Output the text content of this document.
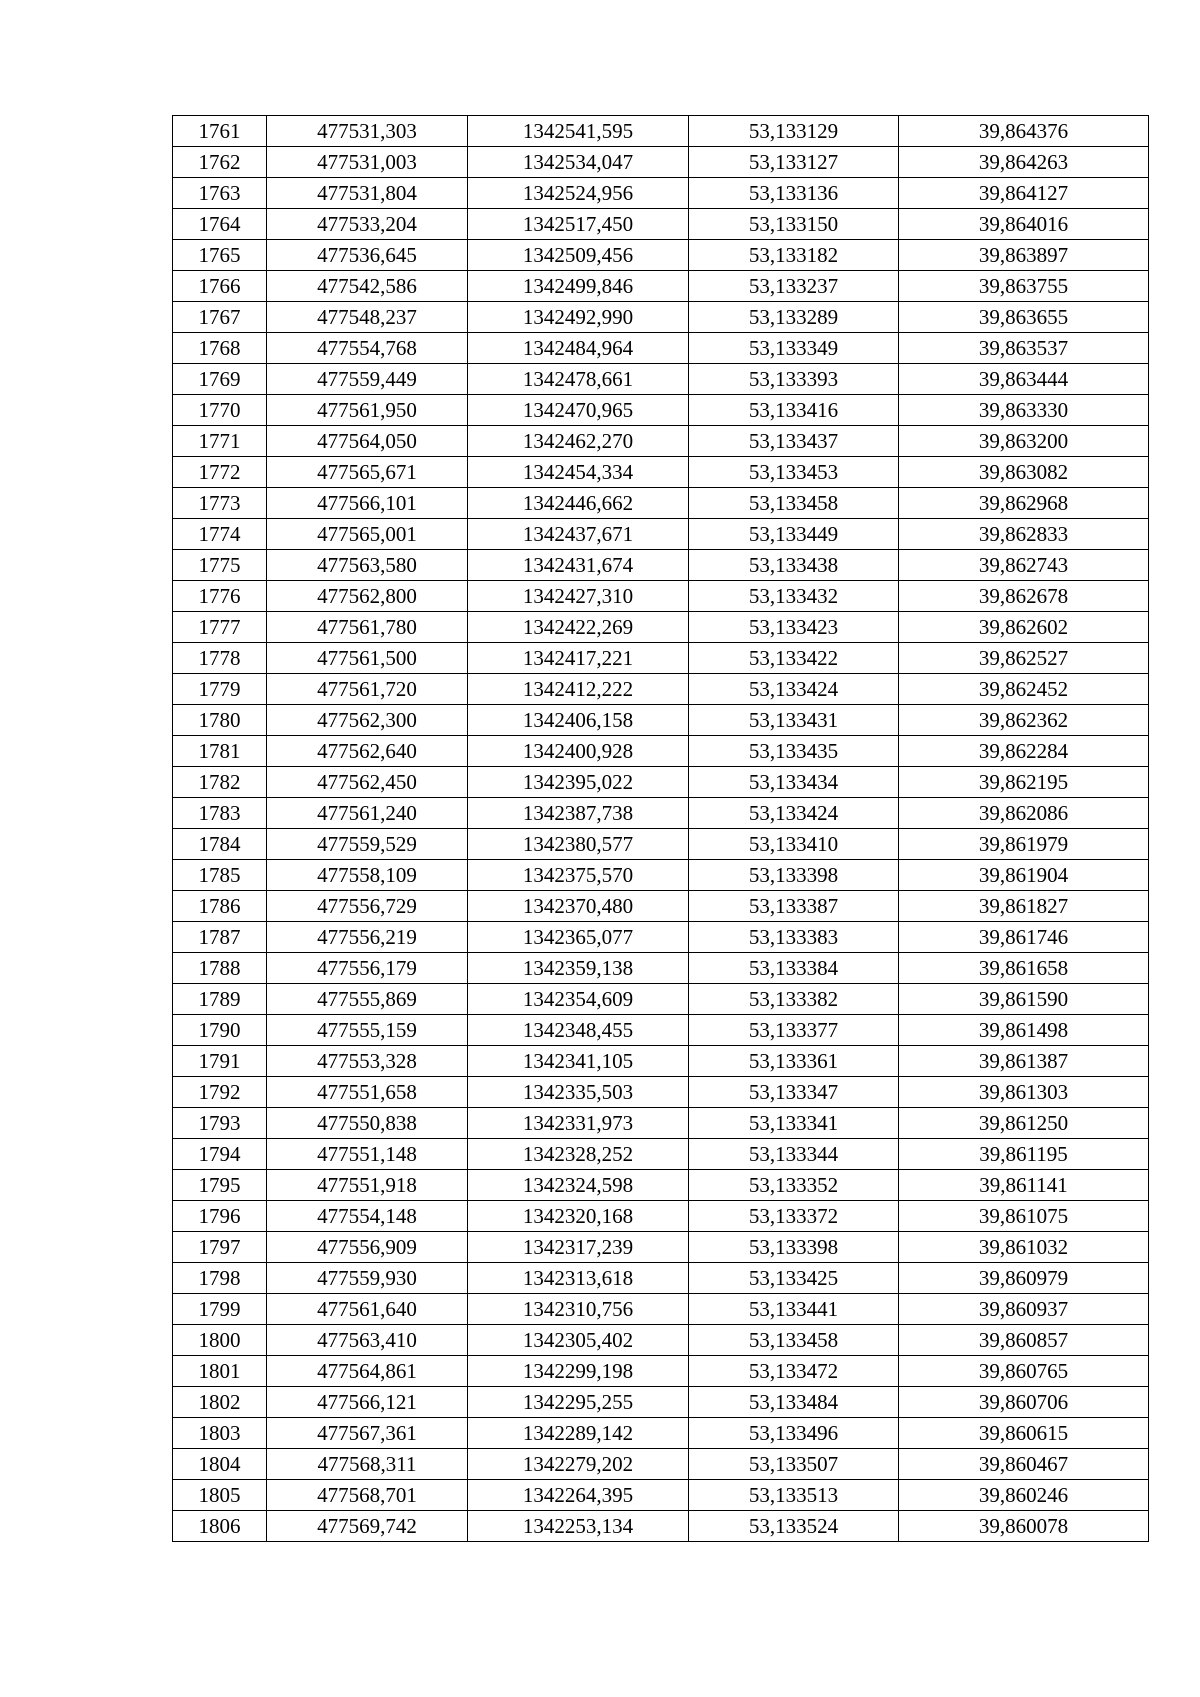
1761	477531,303	1342541,595	53,133129	39,864376
1762	477531,003	1342534,047	53,133127	39,864263
1763	477531,804	1342524,956	53,133136	39,864127
1764	477533,204	1342517,450	53,133150	39,864016
1765	477536,645	1342509,456	53,133182	39,863897
1766	477542,586	1342499,846	53,133237	39,863755
1767	477548,237	1342492,990	53,133289	39,863655
1768	477554,768	1342484,964	53,133349	39,863537
1769	477559,449	1342478,661	53,133393	39,863444
1770	477561,950	1342470,965	53,133416	39,863330
1771	477564,050	1342462,270	53,133437	39,863200
1772	477565,671	1342454,334	53,133453	39,863082
1773	477566,101	1342446,662	53,133458	39,862968
1774	477565,001	1342437,671	53,133449	39,862833
1775	477563,580	1342431,674	53,133438	39,862743
1776	477562,800	1342427,310	53,133432	39,862678
1777	477561,780	1342422,269	53,133423	39,862602
1778	477561,500	1342417,221	53,133422	39,862527
1779	477561,720	1342412,222	53,133424	39,862452
1780	477562,300	1342406,158	53,133431	39,862362
1781	477562,640	1342400,928	53,133435	39,862284
1782	477562,450	1342395,022	53,133434	39,862195
1783	477561,240	1342387,738	53,133424	39,862086
1784	477559,529	1342380,577	53,133410	39,861979
1785	477558,109	1342375,570	53,133398	39,861904
1786	477556,729	1342370,480	53,133387	39,861827
1787	477556,219	1342365,077	53,133383	39,861746
1788	477556,179	1342359,138	53,133384	39,861658
1789	477555,869	1342354,609	53,133382	39,861590
1790	477555,159	1342348,455	53,133377	39,861498
1791	477553,328	1342341,105	53,133361	39,861387
1792	477551,658	1342335,503	53,133347	39,861303
1793	477550,838	1342331,973	53,133341	39,861250
1794	477551,148	1342328,252	53,133344	39,861195
1795	477551,918	1342324,598	53,133352	39,861141
1796	477554,148	1342320,168	53,133372	39,861075
1797	477556,909	1342317,239	53,133398	39,861032
1798	477559,930	1342313,618	53,133425	39,860979
1799	477561,640	1342310,756	53,133441	39,860937
1800	477563,410	1342305,402	53,133458	39,860857
1801	477564,861	1342299,198	53,133472	39,860765
1802	477566,121	1342295,255	53,133484	39,860706
1803	477567,361	1342289,142	53,133496	39,860615
1804	477568,311	1342279,202	53,133507	39,860467
1805	477568,701	1342264,395	53,133513	39,860246
1806	477569,742	1342253,134	53,133524	39,860078
